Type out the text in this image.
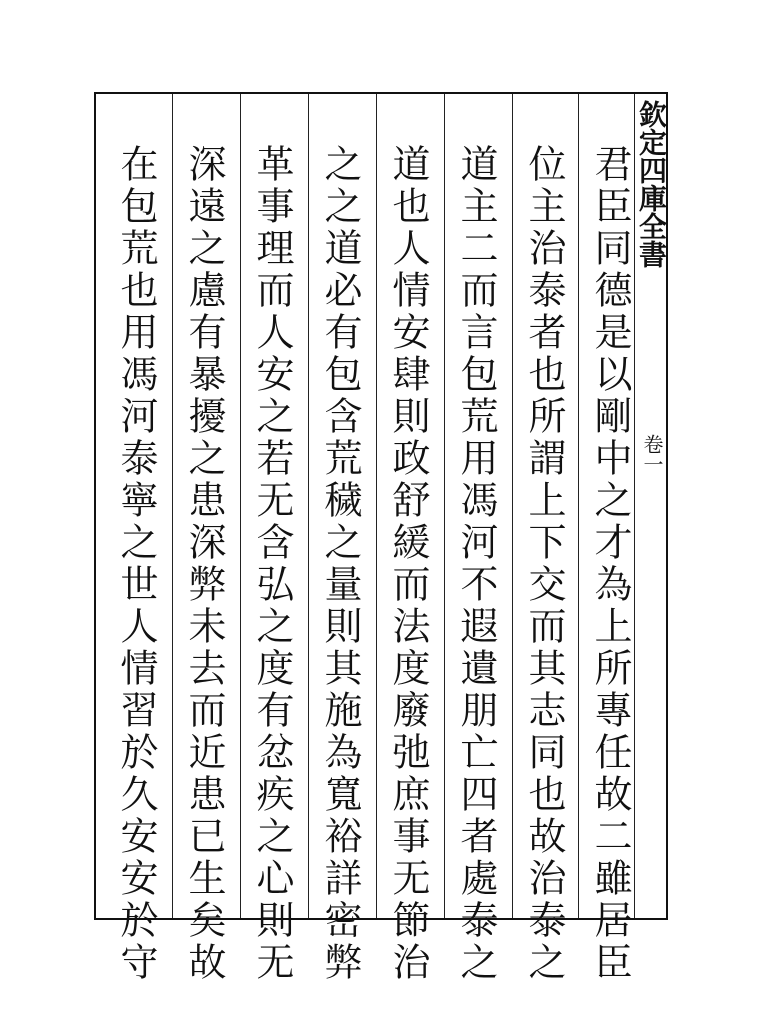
欽定四庫全書
卷一
君臣同德是以剛中之才為上所專任故二雖居臣
位主治泰者也所謂上下交而其志同也故治泰之
道主二而言包荒用馮河不遐遺朋亡四者處泰之
道也人情安肆則政舒緩而法度廢弛庶事无節治
之之道必有包含荒穢之量則其施為寬裕詳密弊
革事理而人安之若无含弘之度有忿疾之心則无
深遠之慮有暴擾之患深弊未去而近患已生矣故
在包荒也用馮河泰寧之世人情習於久安安於守
